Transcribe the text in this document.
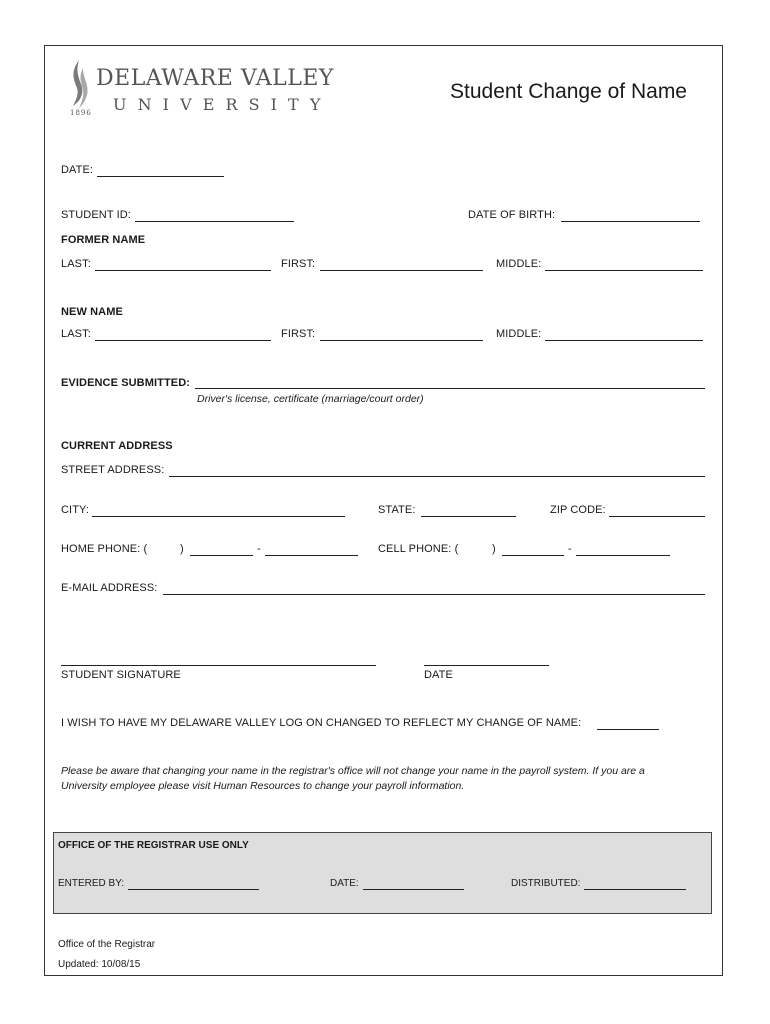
DELAWARE VALLEY
U N I V E R S I T Y
1896
Student Change of Name
DATE:
STUDENT ID:	DATE OF BIRTH:
FORMER NAME
LAST:	FIRST:	MIDDLE:
NEW NAME
LAST:	FIRST:	MIDDLE:
EVIDENCE SUBMITTED:
Driver's license, certificate (marriage/court order)
CURRENT ADDRESS
STREET ADDRESS:
CITY:	STATE:	ZIP CODE:
HOME PHONE: (	)	-	CELL PHONE: (	)	-
E-MAIL ADDRESS:
STUDENT SIGNATURE	DATE
I WISH TO HAVE MY DELAWARE VALLEY LOG ON CHANGED TO REFLECT MY CHANGE OF NAME:
Please be aware that changing your name in the registrar's office will not change your name in the payroll system. If you are a
University employee please visit Human Resources to change your payroll information.
OFFICE OF THE REGISTRAR USE ONLY
ENTERED BY:	DATE:	DISTRIBUTED:
Office of the Registrar
Updated: 10/08/15
